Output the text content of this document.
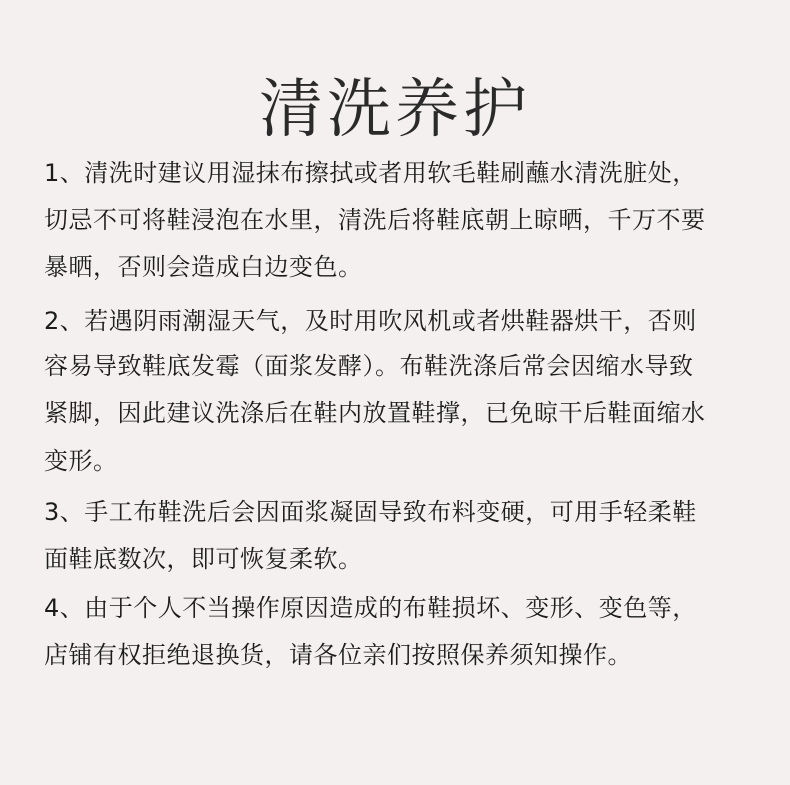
清洗养护
1、清洗时建议用湿抹布擦拭或者用软毛鞋刷蘸水清洗脏处，
切忌不可将鞋浸泡在水里，清洗后将鞋底朝上晾晒，千万不要
暴晒，否则会造成白边变色。
2、若遇阴雨潮湿天气，及时用吹风机或者烘鞋器烘干，否则
容易导致鞋底发霉（面浆发酵）。布鞋洗涤后常会因缩水导致
紧脚，因此建议洗涤后在鞋内放置鞋撑，已免晾干后鞋面缩水
变形。
3、手工布鞋洗后会因面浆凝固导致布料变硬，可用手轻柔鞋
面鞋底数次，即可恢复柔软。
4、由于个人不当操作原因造成的布鞋损坏、变形、变色等，
店铺有权拒绝退换货，请各位亲们按照保养须知操作。
